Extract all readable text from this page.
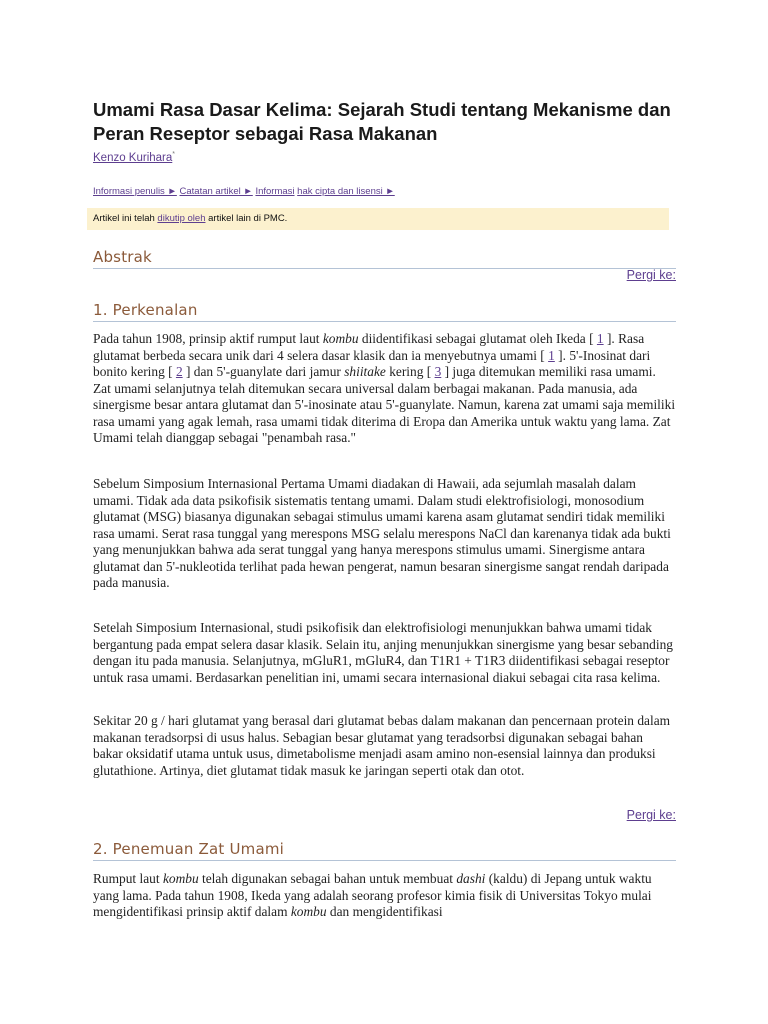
Umami Rasa Dasar Kelima: Sejarah Studi tentang Mekanisme dan Peran Reseptor sebagai Rasa Makanan
Kenzo Kurihara*
Informasi penulis ► Catatan artikel ► Informasi hak cipta dan lisensi ►
Artikel ini telah dikutip oleh artikel lain di PMC.
Abstrak
Pergi ke:
1. Perkenalan

Pada tahun 1908, prinsip aktif rumput laut kombu diidentifikasi sebagai glutamat oleh Ikeda [ 1 ]. Rasa glutamat berbeda secara unik dari 4 selera dasar klasik dan ia menyebutnya umami [ 1 ]. 5'-Inosinat dari bonito kering [ 2 ] dan 5'-guanylate dari jamur shiitake kering [ 3 ] juga ditemukan memiliki rasa umami. Zat umami selanjutnya telah ditemukan secara universal dalam berbagai makanan. Pada manusia, ada sinergisme besar antara glutamat dan 5'-inosinate atau 5'-guanylate. Namun, karena zat umami saja memiliki rasa umami yang agak lemah, rasa umami tidak diterima di Eropa dan Amerika untuk waktu yang lama. Zat Umami telah dianggap sebagai "penambah rasa."

Sebelum Simposium Internasional Pertama Umami diadakan di Hawaii, ada sejumlah masalah dalam umami. Tidak ada data psikofisik sistematis tentang umami. Dalam studi elektrofisiologi, monosodium glutamat (MSG) biasanya digunakan sebagai stimulus umami karena asam glutamat sendiri tidak memiliki rasa umami. Serat rasa tunggal yang merespons MSG selalu merespons NaCl dan karenanya tidak ada bukti yang menunjukkan bahwa ada serat tunggal yang hanya merespons stimulus umami. Sinergisme antara glutamat dan 5'-nukleotida terlihat pada hewan pengerat, namun besaran sinergisme sangat rendah daripada pada manusia.

Setelah Simposium Internasional, studi psikofisik dan elektrofisiologi menunjukkan bahwa umami tidak bergantung pada empat selera dasar klasik. Selain itu, anjing menunjukkan sinergisme yang besar sebanding dengan itu pada manusia. Selanjutnya, mGluR1, mGluR4, dan T1R1 + T1R3 diidentifikasi sebagai reseptor untuk rasa umami. Berdasarkan penelitian ini, umami secara internasional diakui sebagai cita rasa kelima.

Sekitar 20 g / hari glutamat yang berasal dari glutamat bebas dalam makanan dan pencernaan protein dalam makanan teradsorpsi di usus halus. Sebagian besar glutamat yang teradsorbsi digunakan sebagai bahan bakar oksidatif utama untuk usus, dimetabolisme menjadi asam amino non-esensial lainnya dan produksi glutathione. Artinya, diet glutamat tidak masuk ke jaringan seperti otak dan otot.

Pergi ke:
2. Penemuan Zat Umami

Rumput laut kombu telah digunakan sebagai bahan untuk membuat dashi (kaldu) di Jepang untuk waktu yang lama. Pada tahun 1908, Ikeda yang adalah seorang profesor kimia fisik di Universitas Tokyo mulai mengidentifikasi prinsip aktif dalam kombu dan mengidentifikasi
